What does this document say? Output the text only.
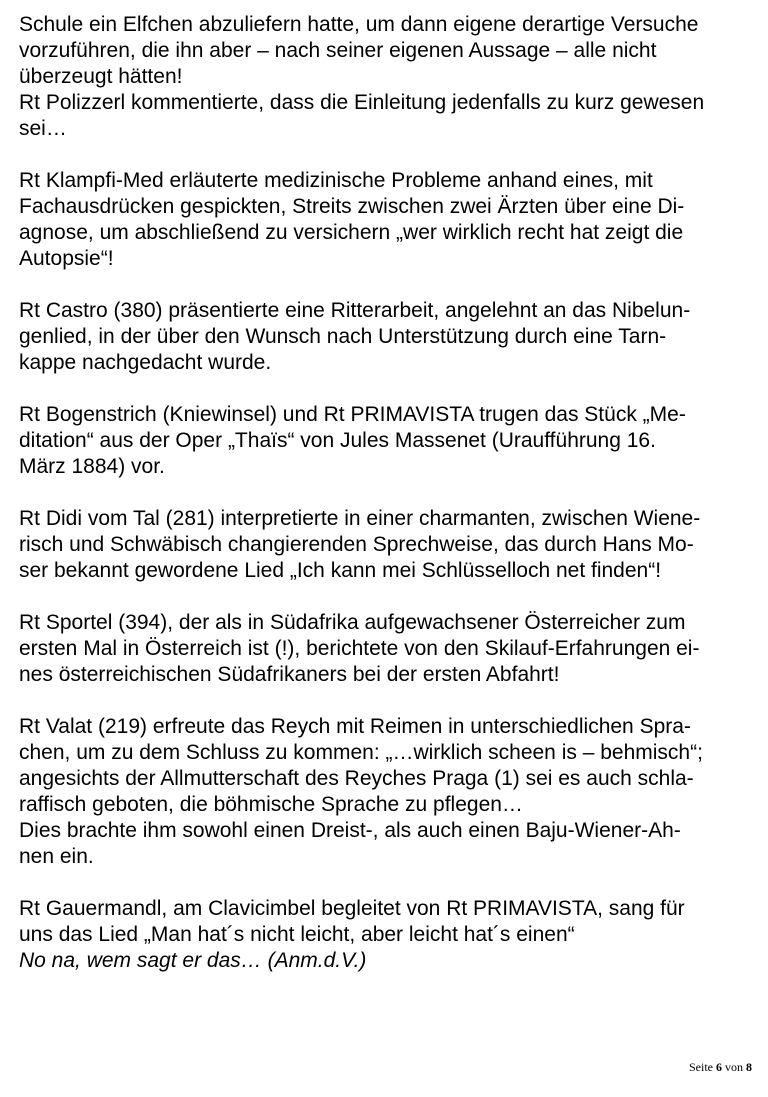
Schule ein Elfchen abzuliefern hatte, um dann eigene derartige Versuche
vorzuführen, die ihn aber – nach seiner eigenen Aussage – alle nicht
überzeugt hätten!
Rt Polizzerl kommentierte, dass die Einleitung jedenfalls zu kurz gewesen
sei…

Rt Klampfi-Med erläuterte medizinische Probleme anhand eines, mit
Fachausdrücken gespickten, Streits zwischen zwei Ärzten über eine Di-
agnose, um abschließend zu versichern „wer wirklich recht hat zeigt die
Autopsie“!

Rt Castro (380) präsentierte eine Ritterarbeit, angelehnt an das Nibelun-
genlied, in der über den Wunsch nach Unterstützung durch eine Tarn-
kappe nachgedacht wurde.

Rt Bogenstrich (Kniewinsel) und Rt PRIMAVISTA trugen das Stück „Me-
ditation“ aus der Oper „Thaïs“ von Jules Massenet (Uraufführung 16.
März 1884) vor.

Rt Didi vom Tal (281) interpretierte in einer charmanten, zwischen Wiene-
risch und Schwäbisch changierenden Sprechweise, das durch Hans Mo-
ser bekannt gewordene Lied „Ich kann mei Schlüsselloch net finden“!

Rt Sportel (394), der als in Südafrika aufgewachsener Österreicher zum
ersten Mal in Österreich ist (!), berichtete von den Skilauf-Erfahrungen ei-
nes österreichischen Südafrikaners bei der ersten Abfahrt!

Rt Valat (219) erfreute das Reych mit Reimen in unterschiedlichen Spra-
chen, um zu dem Schluss zu kommen: „…wirklich scheen is – behmisch“;
angesichts der Allmutterschaft des Reyches Praga (1) sei es auch schla-
raffisch geboten, die böhmische Sprache zu pflegen…
Dies brachte ihm sowohl einen Dreist-, als auch einen Baju-Wiener-Ah-
nen ein.

Rt Gauermandl, am Clavicimbel begleitet von Rt PRIMAVISTA, sang für
uns das Lied „Man hat´s nicht leicht, aber leicht hat´s einen“
No na, wem sagt er das… (Anm.d.V.)

Seite 6 von 8
